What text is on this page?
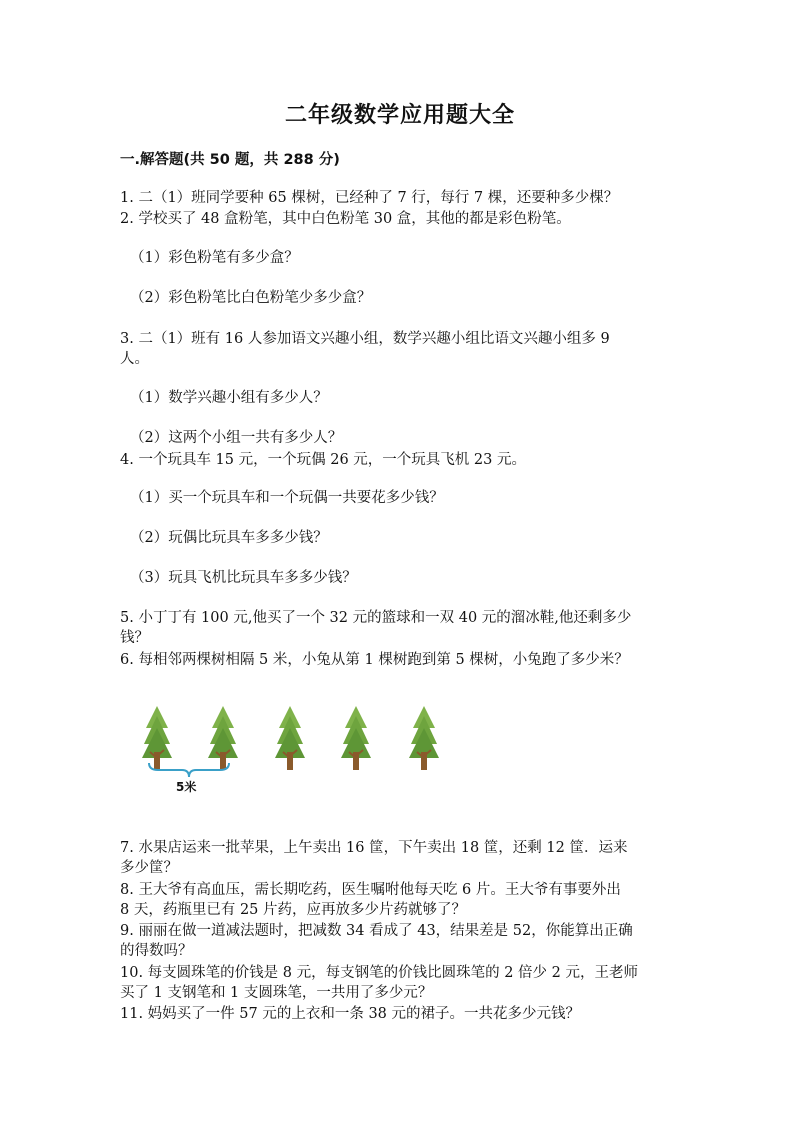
二年级数学应用题大全
一.解答题(共 50 题，共 288 分)
1. 二（1）班同学要种 65 棵树，已经种了 7 行，每行 7 棵，还要种多少棵？
2. 学校买了 48 盒粉笔，其中白色粉笔 30 盒，其他的都是彩色粉笔。
（1）彩色粉笔有多少盒？
（2）彩色粉笔比白色粉笔少多少盒？
3. 二（1）班有 16 人参加语文兴趣小组，数学兴趣小组比语文兴趣小组多 9
人。
（1）数学兴趣小组有多少人？
（2）这两个小组一共有多少人？
4. 一个玩具车 15 元，一个玩偶 26 元，一个玩具飞机 23 元。
（1）买一个玩具车和一个玩偶一共要花多少钱？
（2）玩偶比玩具车多多少钱？
（3）玩具飞机比玩具车多多少钱？
5. 小丁丁有 100 元,他买了一个 32 元的篮球和一双 40 元的溜冰鞋,他还剩多少
钱？
6. 每相邻两棵树相隔 5 米，小兔从第 1 棵树跑到第 5 棵树，小兔跑了多少米？
5米
7. 水果店运来一批苹果，上午卖出 16 筐，下午卖出 18 筐，还剩 12 筐．运来
多少筐？
8. 王大爷有高血压，需长期吃药，医生嘱咐他每天吃 6 片。王大爷有事要外出
8 天，药瓶里已有 25 片药，应再放多少片药就够了？
9. 丽丽在做一道减法题时，把减数 34 看成了 43，结果差是 52，你能算出正确
的得数吗？
10. 每支圆珠笔的价钱是 8 元，每支钢笔的价钱比圆珠笔的 2 倍少 2 元，王老师
买了 1 支钢笔和 1 支圆珠笔，一共用了多少元？
11. 妈妈买了一件 57 元的上衣和一条 38 元的裙子。一共花多少元钱？
